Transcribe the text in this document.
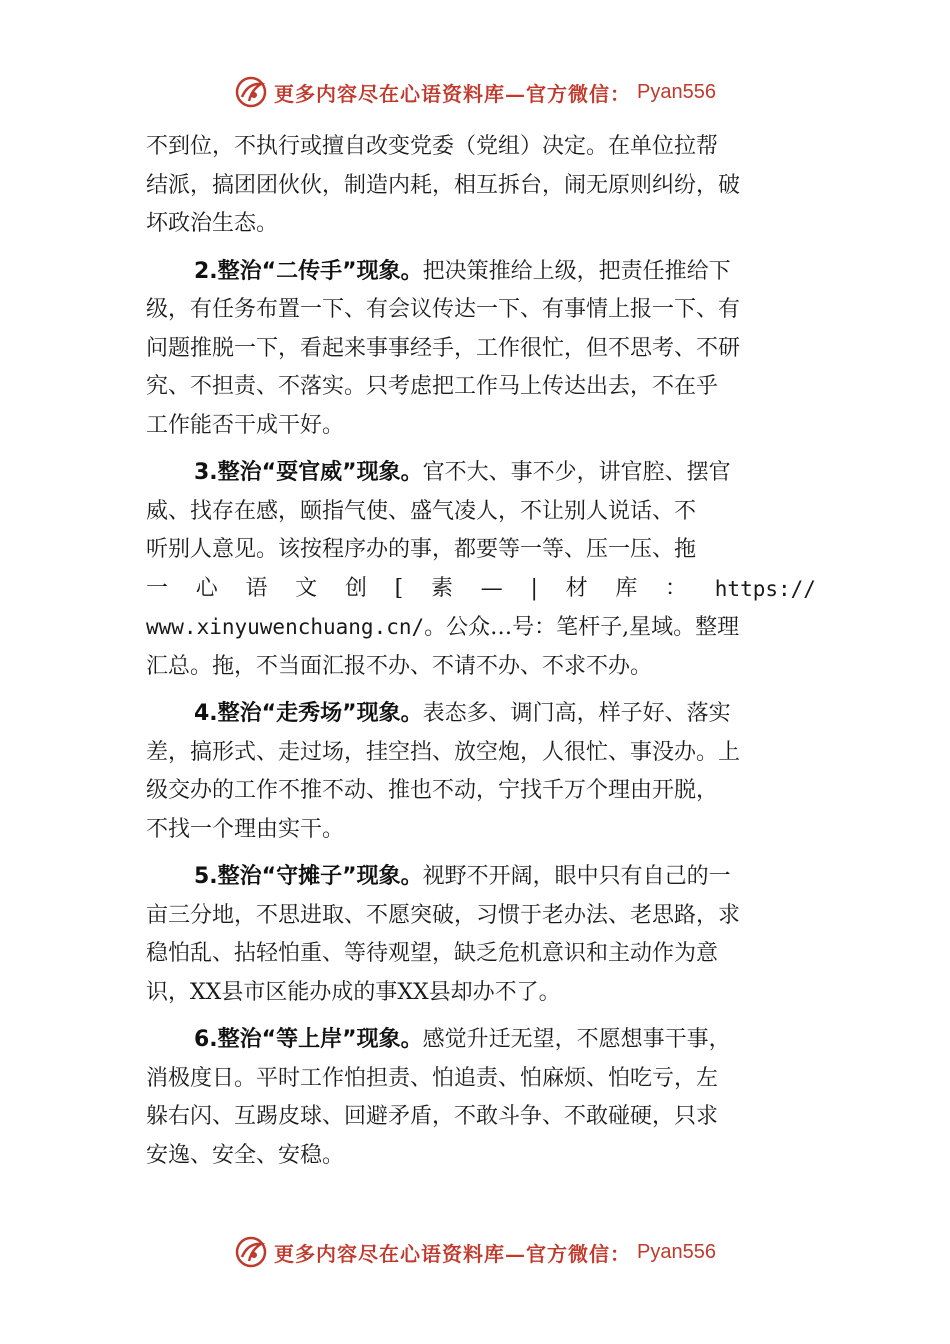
更多内容尽在心语资料库—官方微信： Pyan556

不到位，不执行或擅自改变党委（党组）决定。在单位拉帮
结派，搞团团伙伙，制造内耗，相互拆台，闹无原则纠纷，破
坏政治生态。

2.整治“二传手”现象。把决策推给上级，把责任推给下
级，有任务布置一下、有会议传达一下、有事情上报一下、有
问题推脱一下，看起来事事经手，工作很忙，但不思考、不研
究、不担责、不落实。只考虑把工作马上传达出去，不在乎
工作能否干成干好。

3.整治“耍官威”现象。官不大、事不少，讲官腔、摆官
威、找存在感，颐指气使、盛气凌人，不让别人说话、不
听别人意见。该按程序办的事，都要等一等、压一压、拖
一 心 语 文 创 [ 素 — | 材 库 ： https://
www.xinyuwenchuang.cn/。公众…号：笔杆子,星域。整理
汇总。拖，不当面汇报不办、不请不办、不求不办。

4.整治“走秀场”现象。表态多、调门高，样子好、落实
差，搞形式、走过场，挂空挡、放空炮，人很忙、事没办。上
级交办的工作不推不动、推也不动，宁找千万个理由开脱，
不找一个理由实干。

5.整治“守摊子”现象。视野不开阔，眼中只有自己的一
亩三分地，不思进取、不愿突破，习惯于老办法、老思路，求
稳怕乱、拈轻怕重、等待观望，缺乏危机意识和主动作为意
识，XX县市区能办成的事XX县却办不了。

6.整治“等上岸”现象。感觉升迁无望，不愿想事干事，
消极度日。平时工作怕担责、怕追责、怕麻烦、怕吃亏，左
躲右闪、互踢皮球、回避矛盾，不敢斗争、不敢碰硬，只求
安逸、安全、安稳。

更多内容尽在心语资料库—官方微信： Pyan556
